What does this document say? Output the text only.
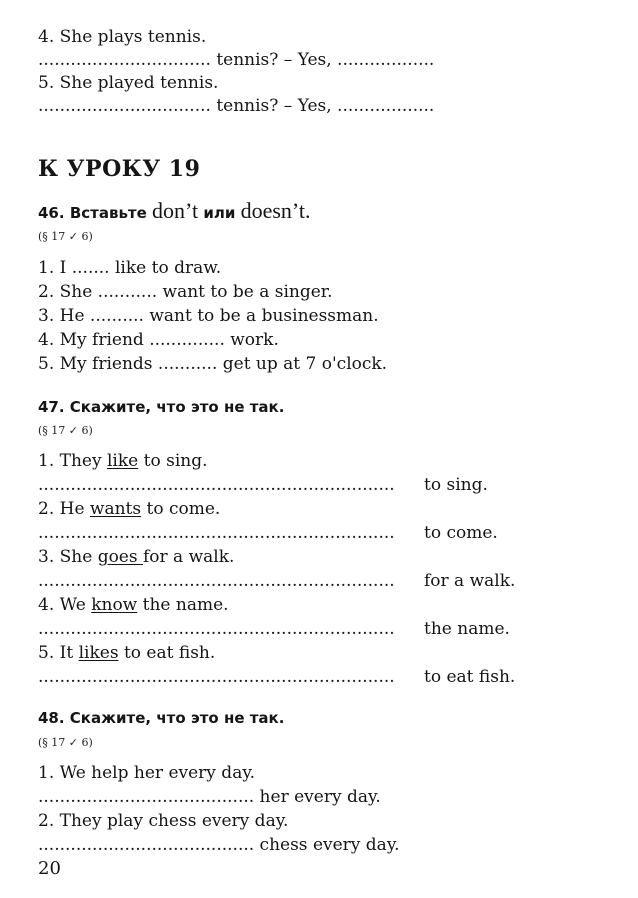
4. She plays tennis.
................................ tennis? – Yes, ..................
5. She played tennis.
................................ tennis? – Yes, ..................
К УРОКУ 19
46. Вставьте don’t или doesn’t.
(§ 17 ✓ 6)
1. I ....... like to draw.
2. She ........... want to be a singer.
3. He .......... want to be a businessman.
4. My friend .............. work.
5. My friends ........... get up at 7 o'clock.
47. Скажите, что это не так.
(§ 17 ✓ 6)
1. They like to sing.
.................................................................. to sing.
2. He wants to come.
.................................................................. to come.
3. She goes for a walk.
.................................................................. for a walk.
4. We know the name.
.................................................................. the name.
5. It likes to eat fish.
.................................................................. to eat fish.
48. Скажите, что это не так.
(§ 17 ✓ 6)
1. We help her every day.
........................................ her every day.
2. They play chess every day.
........................................ chess every day.
20
